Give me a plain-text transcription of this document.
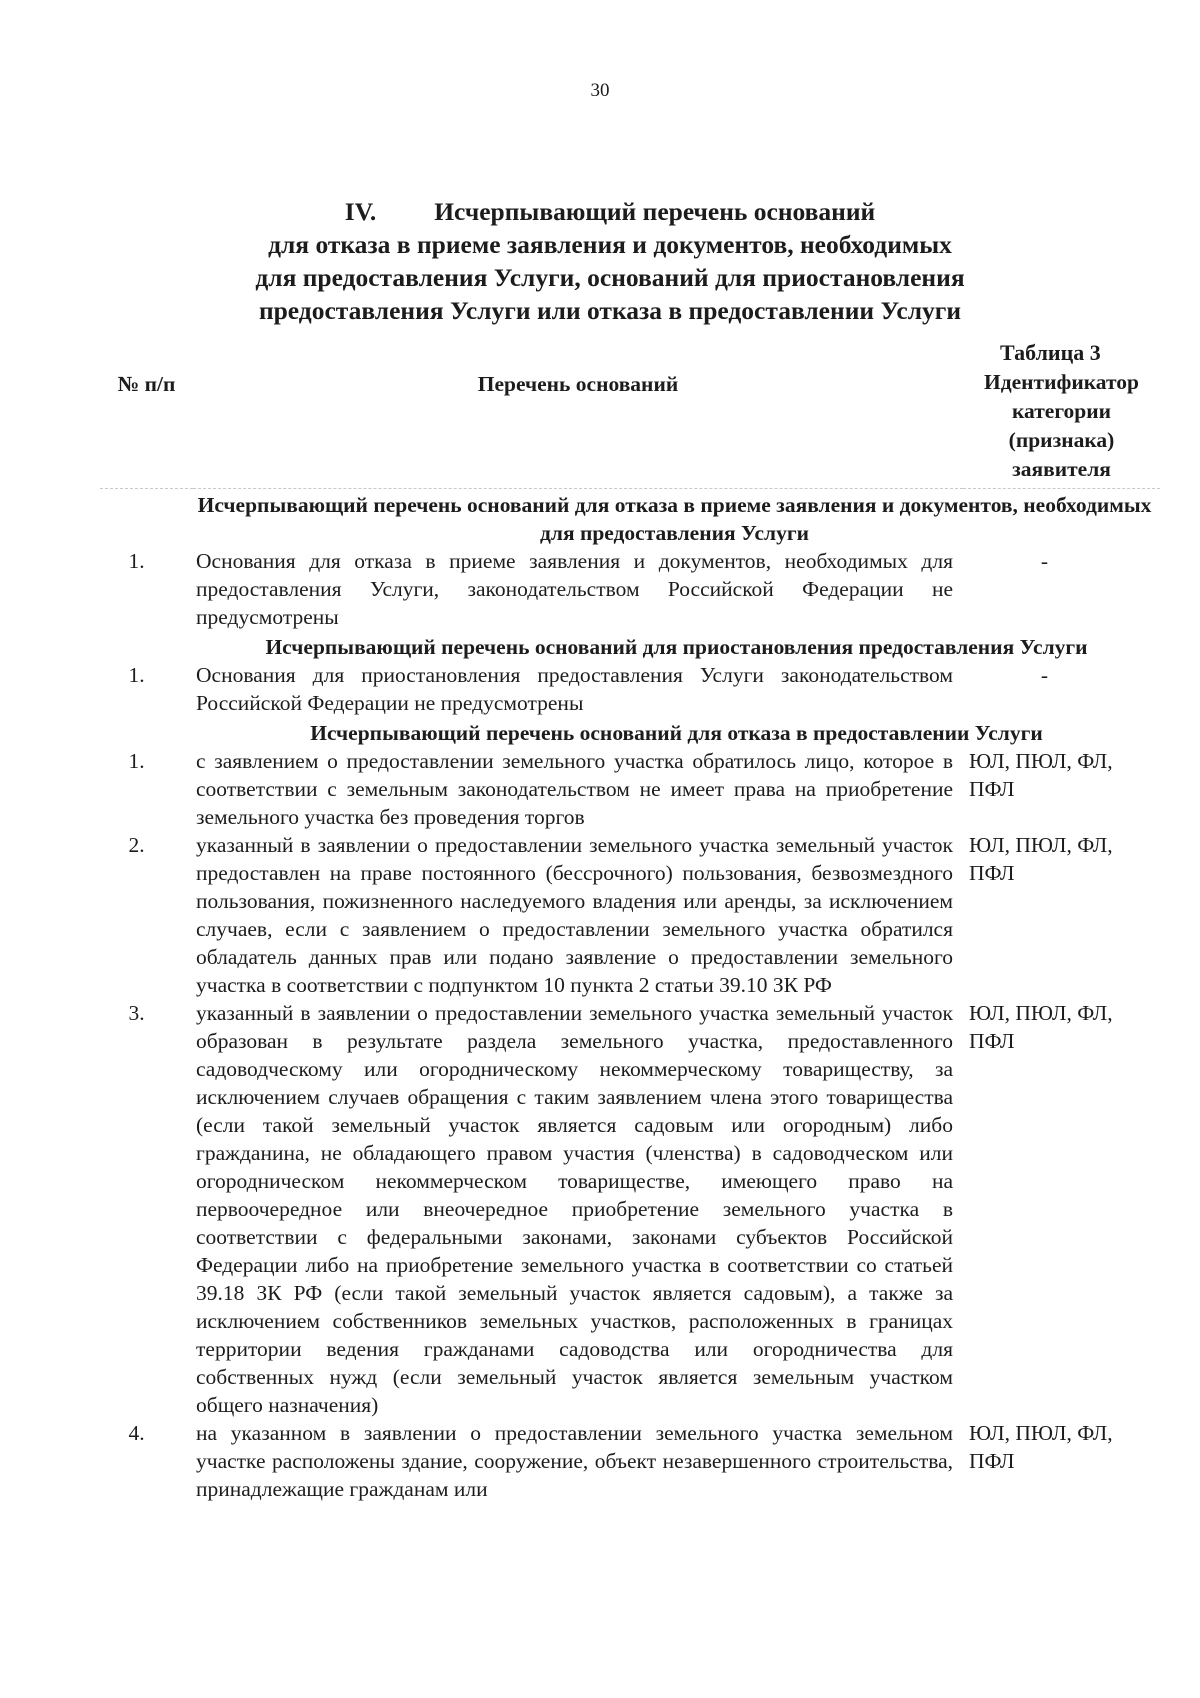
30
IV. Исчерпывающий перечень оснований
для отказа в приеме заявления и документов, необходимых
для предоставления Услуги, оснований для приостановления
предоставления Услуги или отказа в предоставлении Услуги
Таблица 3
№ п/п	Перечень оснований	Идентификатор категории (признака) заявителя
	Исчерпывающий перечень оснований для отказа в приеме заявления и документов, необходимых для предоставления Услуги	
1.	Основания для отказа в приеме заявления и документов, необходимых для предоставления Услуги, законодательством Российской Федерации не предусмотрены	-
	Исчерпывающий перечень оснований для приостановления предоставления Услуги	
1.	Основания для приостановления предоставления Услуги законодательством Российской Федерации не предусмотрены	-
	Исчерпывающий перечень оснований для отказа в предоставлении Услуги	
1.	с заявлением о предоставлении земельного участка обратилось лицо, которое в соответствии с земельным законодательством не имеет права на приобретение земельного участка без проведения торгов	ЮЛ, ПЮЛ, ФЛ, ПФЛ
2.	указанный в заявлении о предоставлении земельного участка земельный участок предоставлен на праве постоянного (бессрочного) пользования, безвозмездного пользования, пожизненного наследуемого владения или аренды, за исключением случаев, если с заявлением о предоставлении земельного участка обратился обладатель данных прав или подано заявление о предоставлении земельного участка в соответствии с подпунктом 10 пункта 2 статьи 39.10 ЗК РФ	ЮЛ, ПЮЛ, ФЛ, ПФЛ
3.	указанный в заявлении о предоставлении земельного участка земельный участок образован в результате раздела земельного участка, предоставленного садоводческому или огородническому некоммерческому товариществу, за исключением случаев обращения с таким заявлением члена этого товарищества (если такой земельный участок является садовым или огородным) либо гражданина, не обладающего правом участия (членства) в садоводческом или огородническом некоммерческом товариществе, имеющего право на первоочередное или внеочередное приобретение земельного участка в соответствии с федеральными законами, законами субъектов Российской Федерации либо на приобретение земельного участка в соответствии со статьей 39.18 ЗК РФ (если такой земельный участок является садовым), а также за исключением собственников земельных участков, расположенных в границах территории ведения гражданами садоводства или огородничества для собственных нужд (если земельный участок является земельным участком общего назначения)	ЮЛ, ПЮЛ, ФЛ, ПФЛ
4.	на указанном в заявлении о предоставлении земельного участка земельном участке расположены здание, сооружение, объект незавершенного строительства, принадлежащие гражданам или	ЮЛ, ПЮЛ, ФЛ, ПФЛ
